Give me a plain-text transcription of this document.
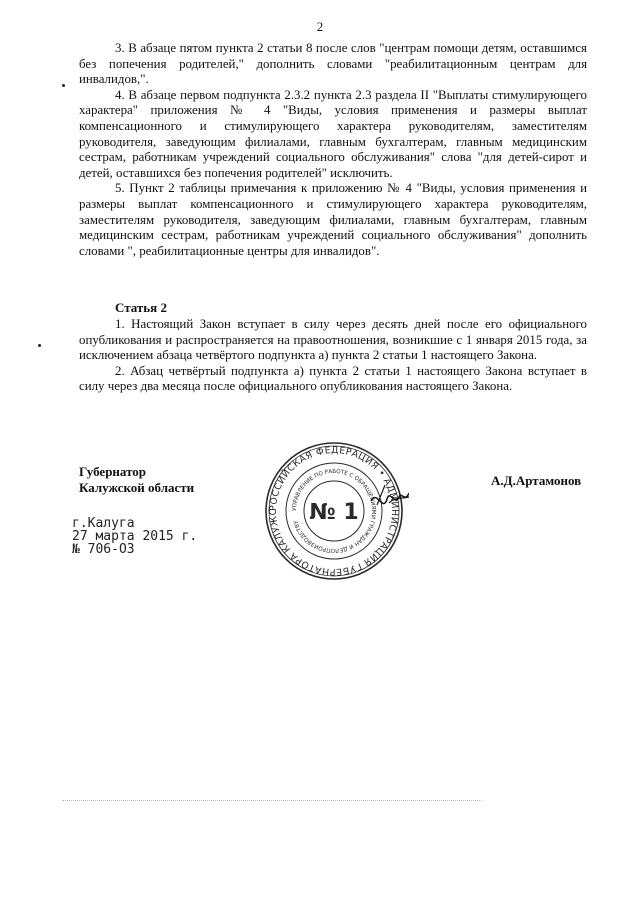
2

3. В абзаце пятом пункта 2 статьи 8 после слов "центрам помощи детям, оставшимся без попечения родителей," дополнить словами "реабилитационным центрам для инвалидов,".

4. В абзаце первом подпункта 2.3.2 пункта 2.3 раздела II "Выплаты стимулирующего характера" приложения № 4 "Виды, условия применения и размеры выплат компенсационного и стимулирующего характера руководителям, заместителям руководителя, заведующим филиалами, главным бухгалтерам, главным медицинским сестрам, работникам учреждений социального обслуживания" слова "для детей-сирот и детей, оставшихся без попечения родителей" исключить.

5. Пункт 2 таблицы примечания к приложению № 4 "Виды, условия применения и размеры выплат компенсационного и стимулирующего характера руководителям, заместителям руководителя, заведующим филиалами, главным бухгалтерам, главным медицинским сестрам, работникам учреждений социального обслуживания" дополнить словами ", реабилитационные центры для инвалидов".

Статья 2

1. Настоящий Закон вступает в силу через десять дней после его официального опубликования и распространяется на правоотношения, возникшие с 1 января 2015 года, за исключением абзаца четвёртого подпункта а) пункта 2 статьи 1 настоящего Закона.

2. Абзац четвёртый подпункта а) пункта 2 статьи 1 настоящего Закона вступает в силу через два месяца после официального опубликования настоящего Закона.

Губернатор
Калужской области
РОССИЙСКАЯ ФЕДЕРАЦИЯ • АДМИНИСТРАЦИЯ ГУБЕРНАТОРА КАЛУЖС	УПРАВЛЕНИЕ ПО РАБОТЕ С ОБРАЩЕНИЯМИ ГРАЖДАН И ДЕЛОПРОИЗВОДСТВУ № 1
А.Д.Артамонов
г.Калуга
27 марта 2015 г.
№ 706-ОЗ
